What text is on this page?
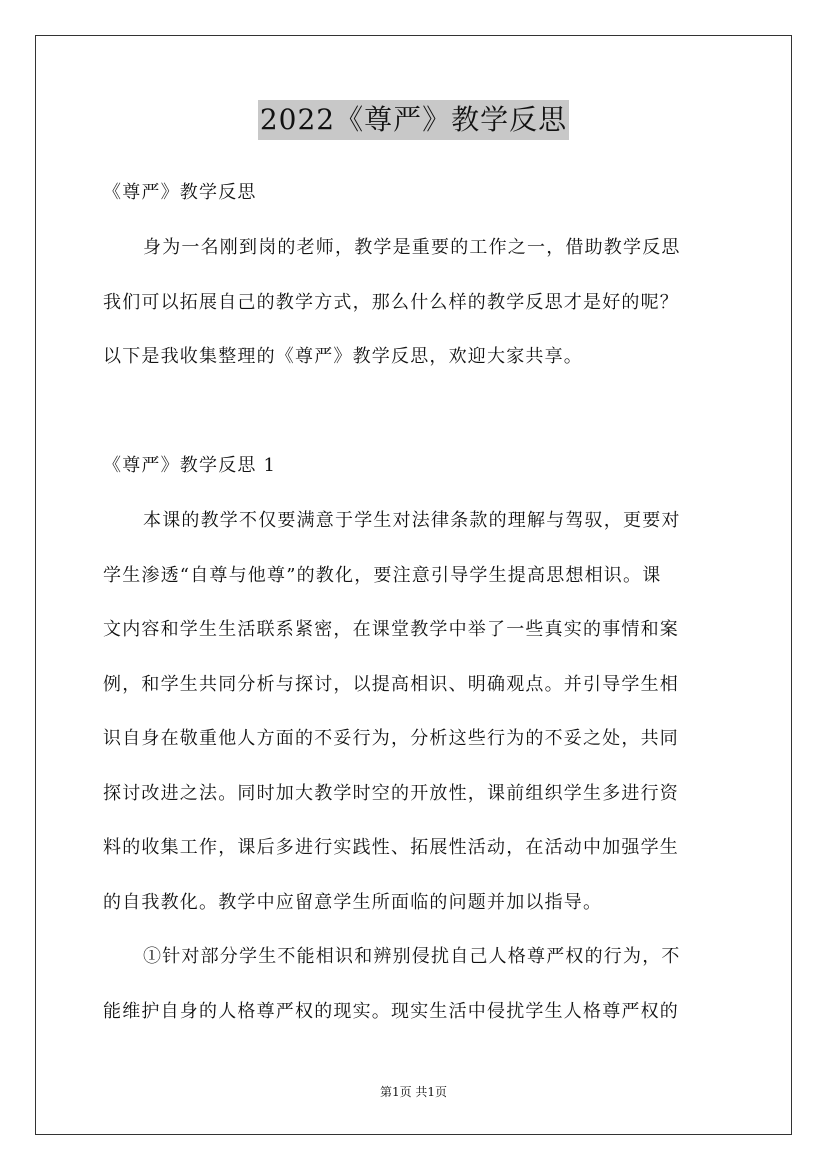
2022《尊严》教学反思
《尊严》教学反思
身为一名刚到岗的老师，教学是重要的工作之一，借助教学反思
我们可以拓展自己的教学方式，那么什么样的教学反思才是好的呢？
以下是我收集整理的《尊严》教学反思，欢迎大家共享。
《尊严》教学反思 1
本课的教学不仅要满意于学生对法律条款的理解与驾驭，更要对
学生渗透“自尊与他尊”的教化，要注意引导学生提高思想相识。课
文内容和学生生活联系紧密，在课堂教学中举了一些真实的事情和案
例，和学生共同分析与探讨，以提高相识、明确观点。并引导学生相
识自身在敬重他人方面的不妥行为，分析这些行为的不妥之处，共同
探讨改进之法。同时加大教学时空的开放性，课前组织学生多进行资
料的收集工作，课后多进行实践性、拓展性活动，在活动中加强学生
的自我教化。教学中应留意学生所面临的问题并加以指导。
①针对部分学生不能相识和辨别侵扰自己人格尊严权的行为，不
能维护自身的人格尊严权的现实。现实生活中侵扰学生人格尊严权的
第1页 共1页
